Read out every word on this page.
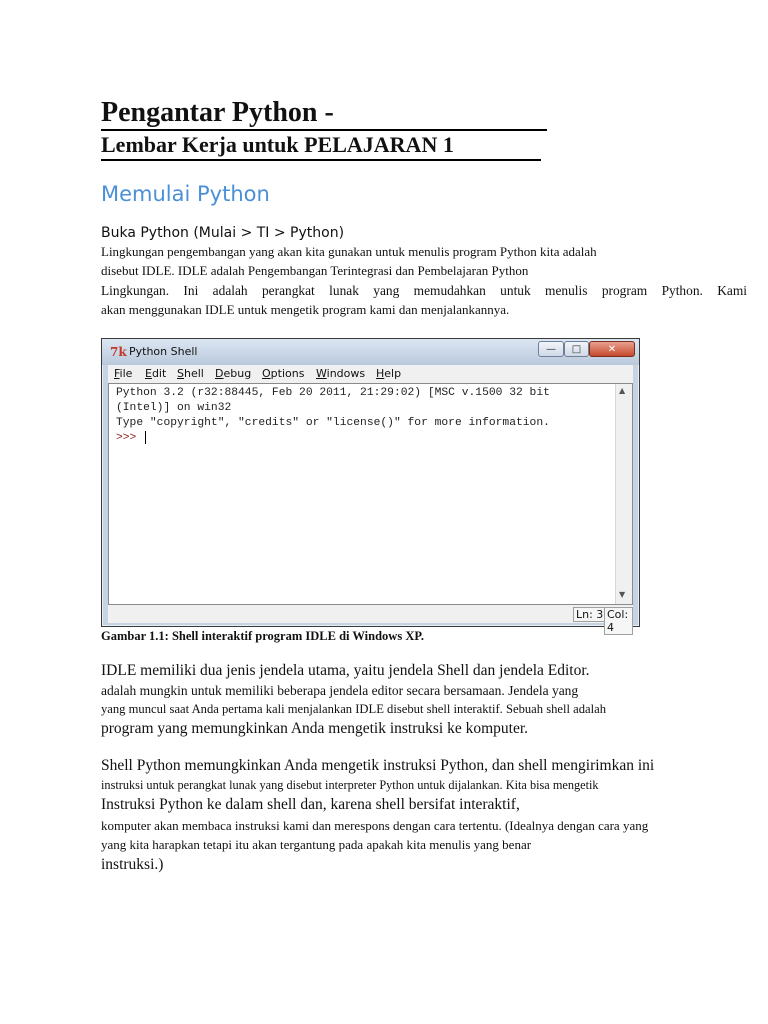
Pengantar Python -
Lembar Kerja untuk PELAJARAN 1
Memulai Python
Buka Python (Mulai > TI > Python)
Lingkungan pengembangan yang akan kita gunakan untuk menulis program Python kita adalah
disebut IDLE. IDLE adalah Pengembangan Terintegrasi dan Pembelajaran Python
Lingkungan. Ini adalah perangkat lunak yang memudahkan untuk menulis program Python. Kami
akan menggunakan IDLE untuk mengetik program kami dan menjalankannya.
7k Python Shell	—	□	✕
File Edit Shell Debug Options Windows Help
Python 3.2 (r32:88445, Feb 20 2011, 21:29:02) [MSC v.1500 32 bit
(Intel)] on win32
Type "copyright", "credits" or "license()" for more information.
>>>
▲
▼
Ln: 3 Col: 4
Gambar 1.1: Shell interaktif program IDLE di Windows XP.
IDLE memiliki dua jenis jendela utama, yaitu jendela Shell dan jendela Editor.
adalah mungkin untuk memiliki beberapa jendela editor secara bersamaan. Jendela yang
yang muncul saat Anda pertama kali menjalankan IDLE disebut shell interaktif. Sebuah shell adalah
program yang memungkinkan Anda mengetik instruksi ke komputer.
Shell Python memungkinkan Anda mengetik instruksi Python, dan shell mengirimkan ini
instruksi untuk perangkat lunak yang disebut interpreter Python untuk dijalankan. Kita bisa mengetik
Instruksi Python ke dalam shell dan, karena shell bersifat interaktif,
komputer akan membaca instruksi kami dan merespons dengan cara tertentu. (Idealnya dengan cara yang
yang kita harapkan tetapi itu akan tergantung pada apakah kita menulis yang benar
instruksi.)
